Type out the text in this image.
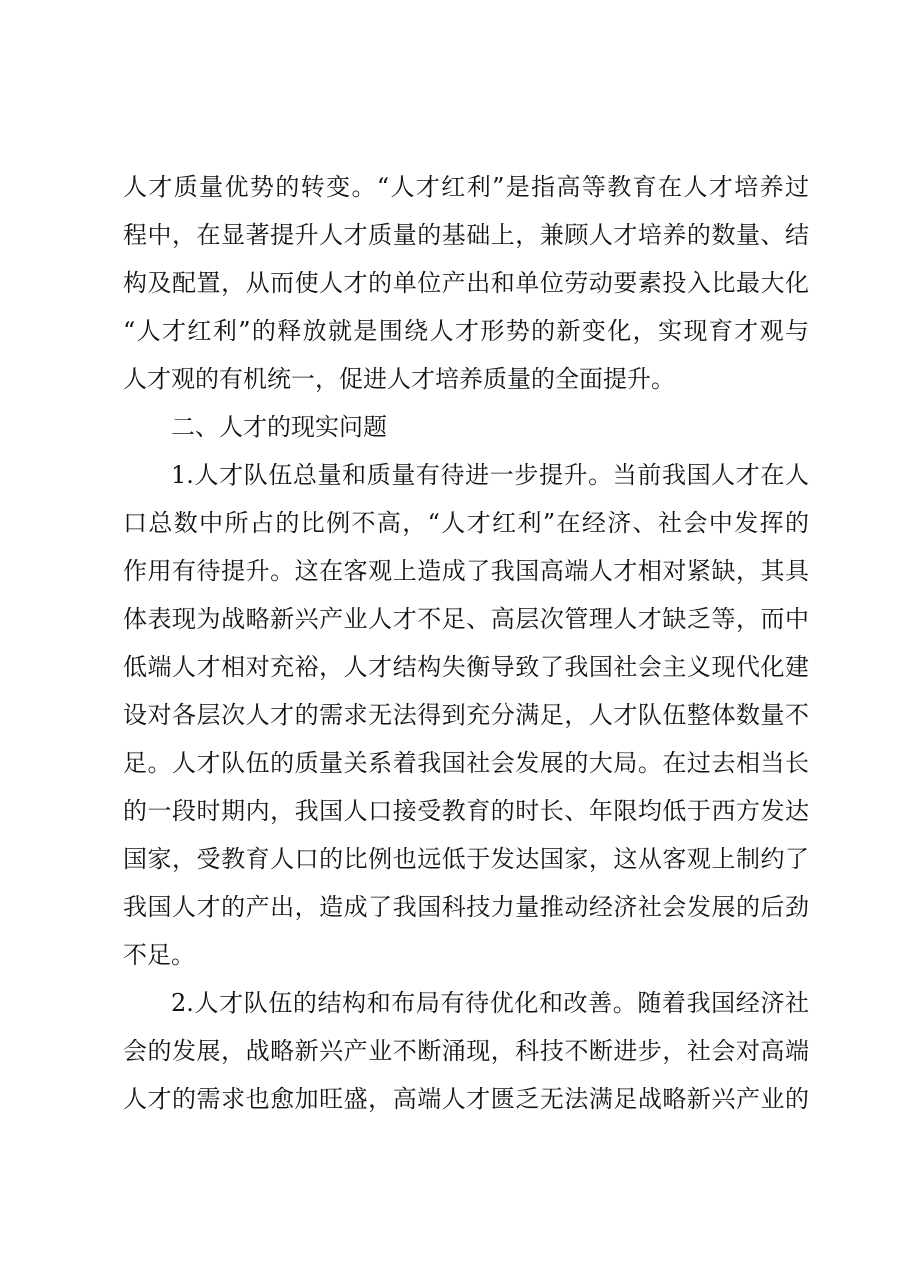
人才质量优势的转变。“人才红利”是指高等教育在人才培养过
程中，在显著提升人才质量的基础上，兼顾人才培养的数量、结
构及配置，从而使人才的单位产出和单位劳动要素投入比最大化
“人才红利”的释放就是围绕人才形势的新变化，实现育才观与
人才观的有机统一，促进人才培养质量的全面提升。
二、人才的现实问题
1.人才队伍总量和质量有待进一步提升。当前我国人才在人
口总数中所占的比例不高，“人才红利”在经济、社会中发挥的
作用有待提升。这在客观上造成了我国高端人才相对紧缺，其具
体表现为战略新兴产业人才不足、高层次管理人才缺乏等，而中
低端人才相对充裕，人才结构失衡导致了我国社会主义现代化建
设对各层次人才的需求无法得到充分满足，人才队伍整体数量不
足。人才队伍的质量关系着我国社会发展的大局。在过去相当长
的一段时期内，我国人口接受教育的时长、年限均低于西方发达
国家，受教育人口的比例也远低于发达国家，这从客观上制约了
我国人才的产出，造成了我国科技力量推动经济社会发展的后劲
不足。
2.人才队伍的结构和布局有待优化和改善。随着我国经济社
会的发展，战略新兴产业不断涌现，科技不断进步，社会对高端
人才的需求也愈加旺盛，高端人才匮乏无法满足战略新兴产业的
